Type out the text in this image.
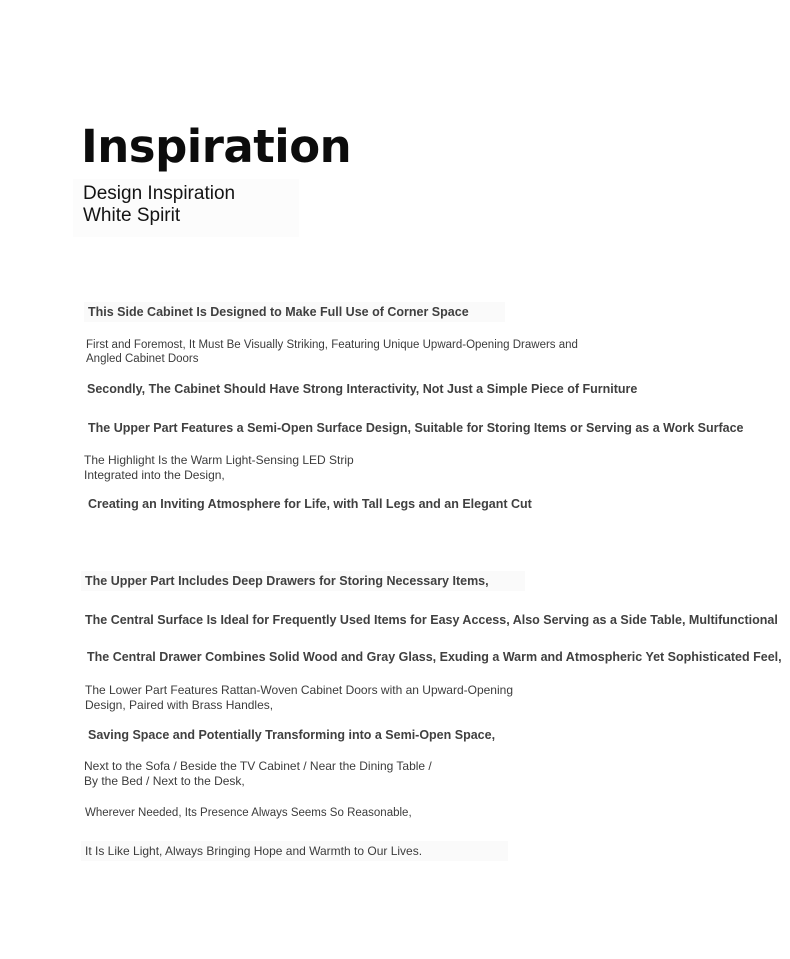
Inspiration
Design Inspiration
White Spirit
This Side Cabinet Is Designed to Make Full Use of Corner Space
First and Foremost, It Must Be Visually Striking, Featuring Unique Upward-Opening Drawers and
Angled Cabinet Doors
Secondly, The Cabinet Should Have Strong Interactivity, Not Just a Simple Piece of Furniture
The Upper Part Features a Semi-Open Surface Design, Suitable for Storing Items or Serving as a Work Surface
The Highlight Is the Warm Light-Sensing LED Strip
Integrated into the Design,
Creating an Inviting Atmosphere for Life, with Tall Legs and an Elegant Cut
The Upper Part Includes Deep Drawers for Storing Necessary Items,
The Central Surface Is Ideal for Frequently Used Items for Easy Access, Also Serving as a Side Table, Multifunctional
The Central Drawer Combines Solid Wood and Gray Glass, Exuding a Warm and Atmospheric Yet Sophisticated Feel,
The Lower Part Features Rattan-Woven Cabinet Doors with an Upward-Opening
Design, Paired with Brass Handles,
Saving Space and Potentially Transforming into a Semi-Open Space,
Next to the Sofa / Beside the TV Cabinet / Near the Dining Table /
By the Bed / Next to the Desk,
Wherever Needed, Its Presence Always Seems So Reasonable,
It Is Like Light, Always Bringing Hope and Warmth to Our Lives.
